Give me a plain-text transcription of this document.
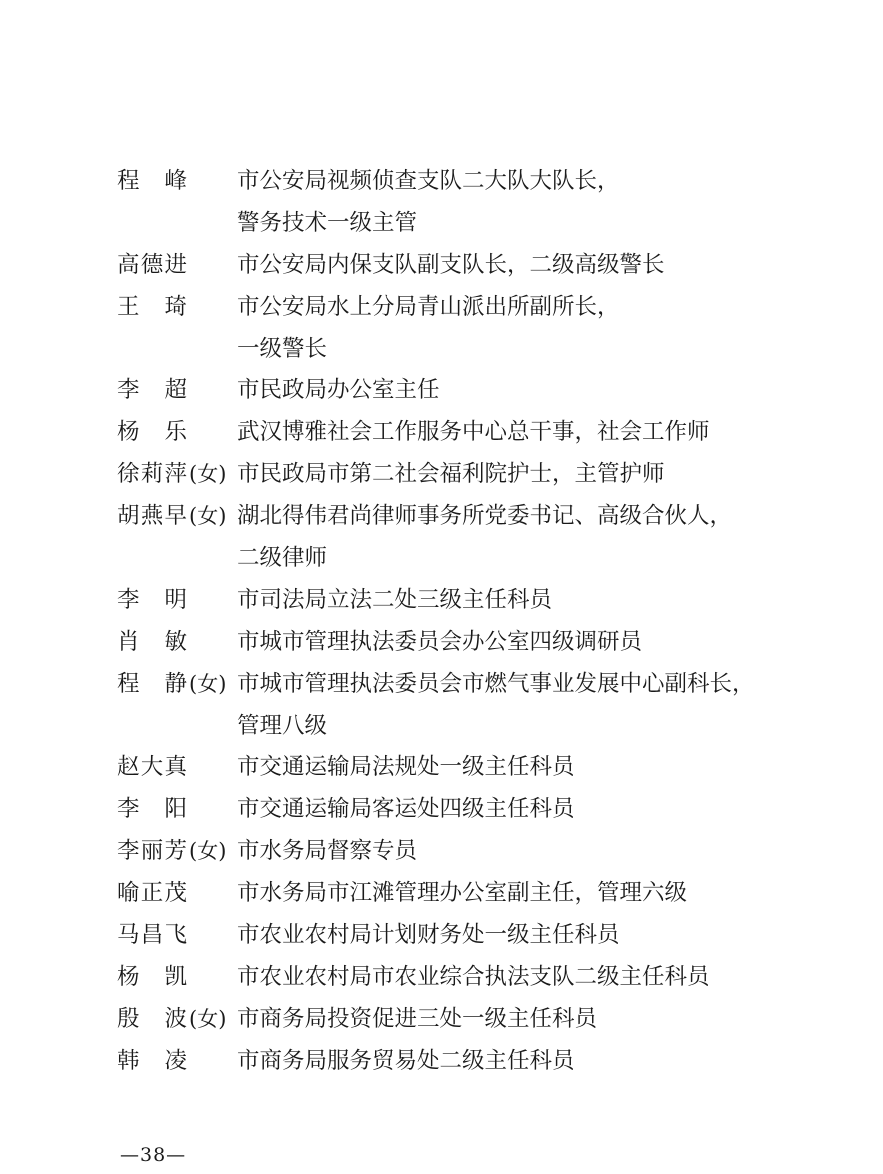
程 峰 市公安局视频侦查支队二大队大队长，
警务技术一级主管
高 德 进 市公安局内保支队副支队长，二级高级警长
王 琦 市公安局水上分局青山派出所副所长，
一级警长
李 超 市民政局办公室主任
杨 乐 武汉博雅社会工作服务中心总干事，社会工作师
徐 莉 萍 (女) 市民政局市第二社会福利院护士，主管护师
胡 燕 早 (女) 湖北得伟君尚律师事务所党委书记、高级合伙人，
二级律师
李 明 市司法局立法二处三级主任科员
肖 敏 市城市管理执法委员会办公室四级调研员
程 静 (女) 市城市管理执法委员会市燃气事业发展中心副科长，
管理八级
赵 大 真 市交通运输局法规处一级主任科员
李 阳 市交通运输局客运处四级主任科员
李 丽 芳 (女) 市水务局督察专员
喻 正 茂 市水务局市江滩管理办公室副主任，管理六级
马 昌 飞 市农业农村局计划财务处一级主任科员
杨 凯 市农业农村局市农业综合执法支队二级主任科员
殷 波 (女) 市商务局投资促进三处一级主任科员
韩 凌 市商务局服务贸易处二级主任科员
—38—
